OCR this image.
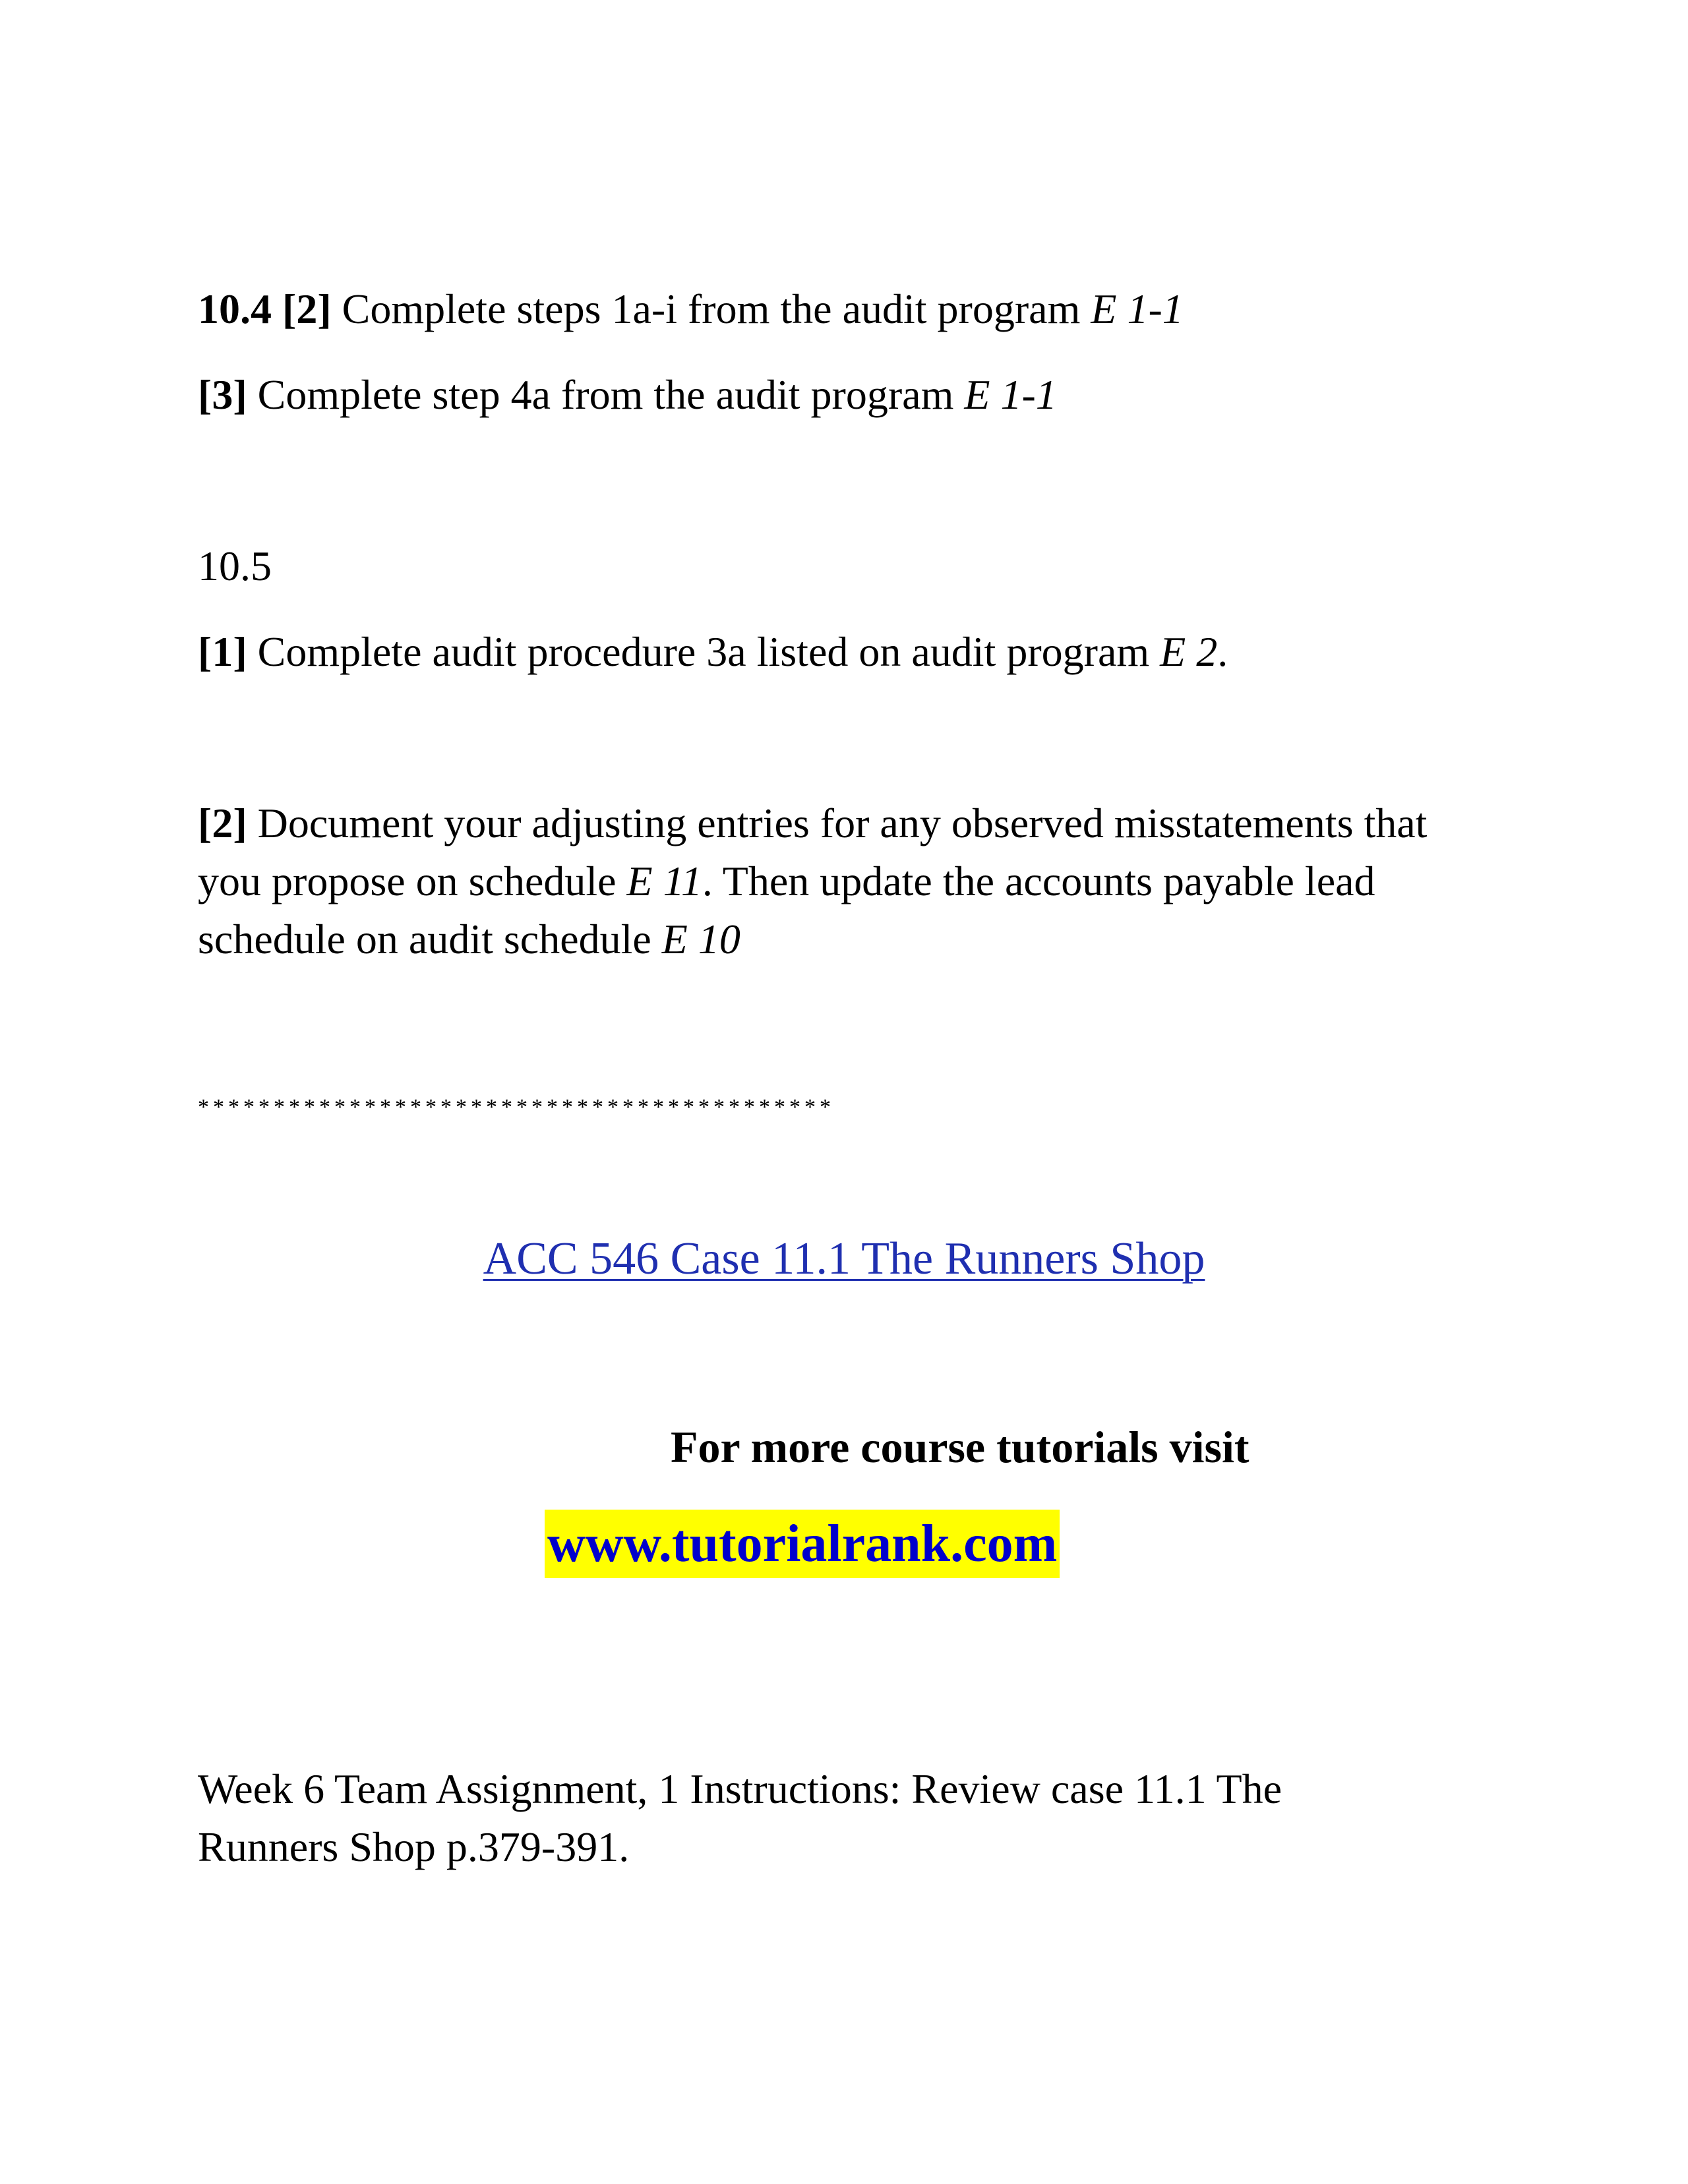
10.4 [2] Complete steps 1a-i from the audit program E 1-1
[3] Complete step 4a from the audit program E 1-1
10.5
[1] Complete audit procedure 3a listed on audit program E 2.
[2] Document your adjusting entries for any observed misstatements that
you propose on schedule E 11. Then update the accounts payable lead
schedule on audit schedule E 10
******************************************
ACC 546 Case 11.1 The Runners Shop
For more course tutorials visit
www.tutorialrank.com
Week 6 Team Assignment, 1 Instructions: Review case 11.1 The
Runners Shop p.379-391.
